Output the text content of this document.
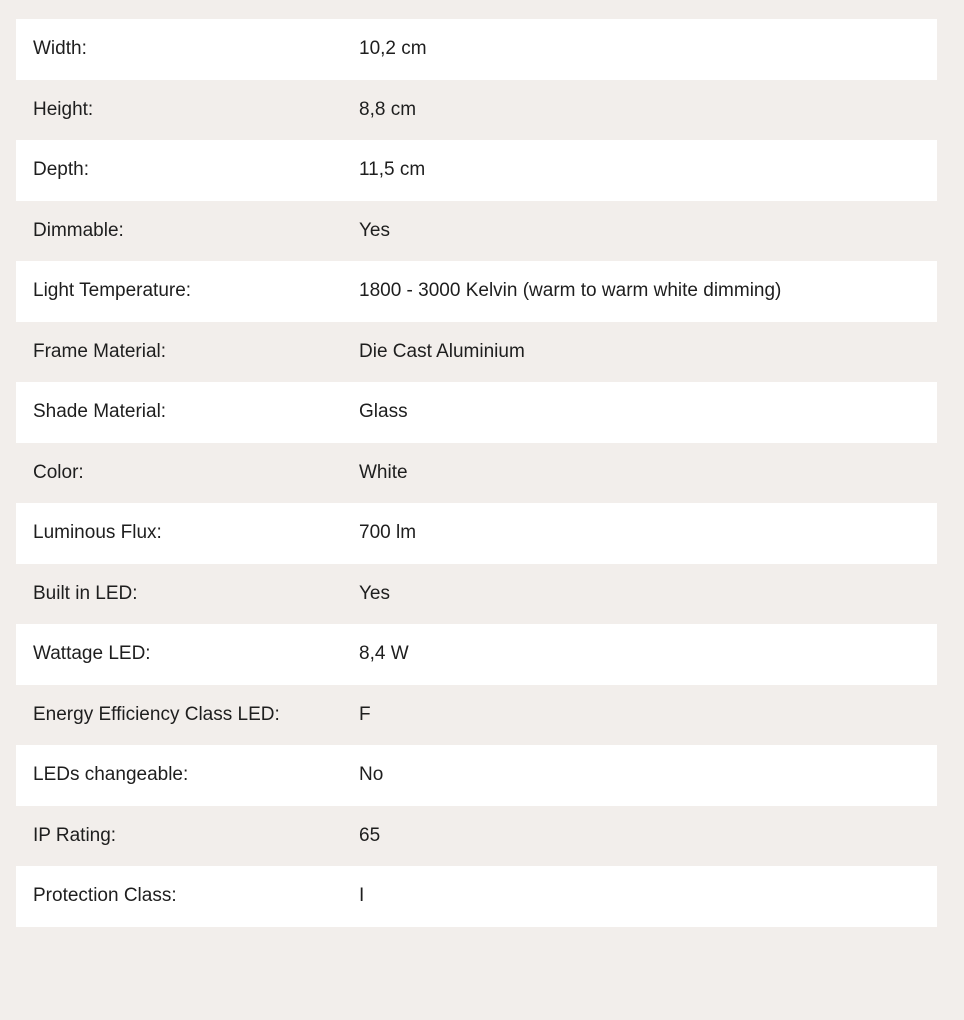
Width:	10,2 cm
Height:	8,8 cm
Depth:	11,5 cm
Dimmable:	Yes
Light Temperature:	1800 - 3000 Kelvin (warm to warm white dimming)
Frame Material:	Die Cast Aluminium
Shade Material:	Glass
Color:	White
Luminous Flux:	700 lm
Built in LED:	Yes
Wattage LED:	8,4 W
Energy Efficiency Class LED:	F
LEDs changeable:	No
IP Rating:	65
Protection Class:	I
